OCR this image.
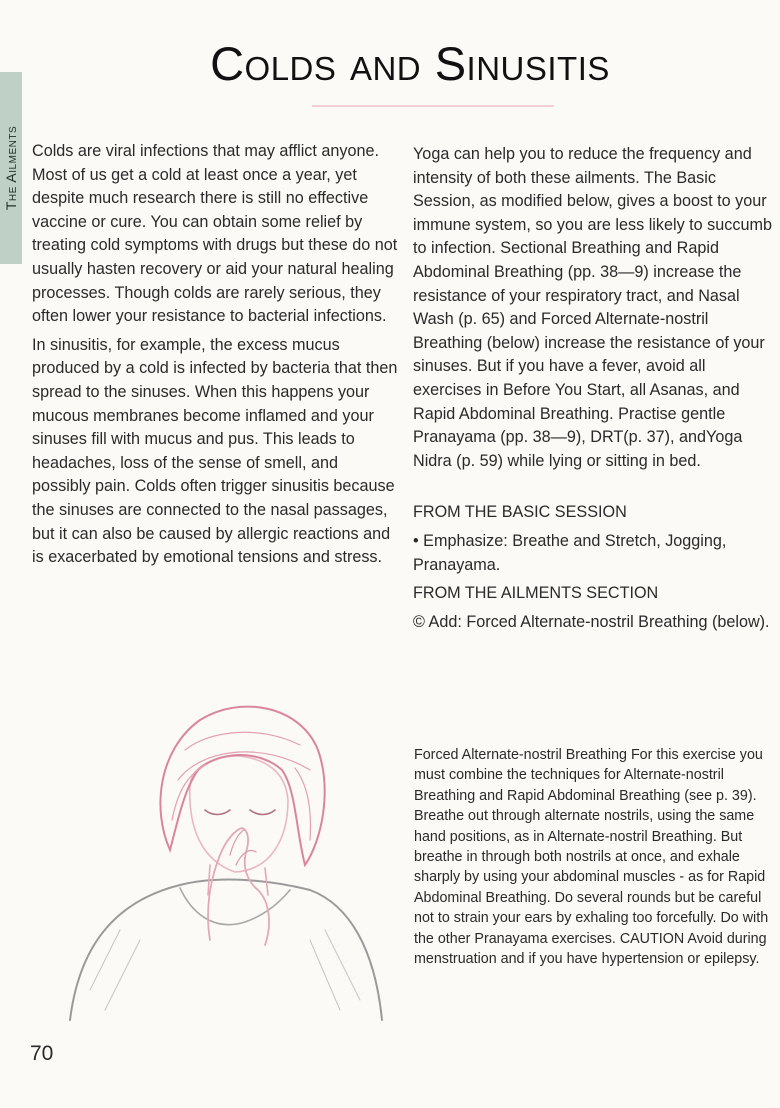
The Ailments
Colds and Sinusitis

Colds are viral infections that may afflict anyone. Most of us get a cold at least once a year, yet despite much research there is still no effective vaccine or cure. You can obtain some relief by treating cold symptoms with drugs but these do not usually hasten recovery or aid your natural healing processes. Though colds are rarely serious, they often lower your resistance to bacterial infections.

In sinusitis, for example, the excess mucus produced by a cold is infected by bacteria that then spread to the sinuses. When this happens your mucous membranes become inflamed and your sinuses fill with mucus and pus. This leads to headaches, loss of the sense of smell, and possibly pain. Colds often trigger sinusitis because the sinuses are connected to the nasal passages, but it can also be caused by allergic reactions and is exacerbated by emotional tensions and stress.

Yoga can help you to reduce the frequency and intensity of both these ailments. The Basic Session, as modified below, gives a boost to your immune system, so you are less likely to succumb to infection. Sectional Breathing and Rapid Abdominal Breathing (pp. 38—9) increase the resistance of your respiratory tract, and Nasal Wash (p. 65) and Forced Alternate-nostril Breathing (below) increase the resistance of your sinuses. But if you have a fever, avoid all exercises in Before You Start, all Asanas, and Rapid Abdominal Breathing. Practise gentle Pranayama (pp. 38—9), DRT(p. 37), andYoga Nidra (p. 59) while lying or sitting in bed.

FROM THE BASIC SESSION

• Emphasize: Breathe and Stretch, Jogging, Pranayama.

FROM THE AILMENTS SECTION

© Add: Forced Alternate-nostril Breathing (below).

Forced Alternate-nostril Breathing For this exercise you must combine the techniques for Alternate-nostril Breathing and Rapid Abdominal Breathing (see p. 39). Breathe out through alternate nostrils, using the same hand positions, as in Alternate-nostril Breathing. But breathe in through both nostrils at once, and exhale sharply by using your abdominal muscles - as for Rapid Abdominal Breathing. Do several rounds but be careful not to strain your ears by exhaling too forcefully. Do with the other Pranayama exercises. CAUTION Avoid during menstruation and if you have hypertension or epilepsy.

70
